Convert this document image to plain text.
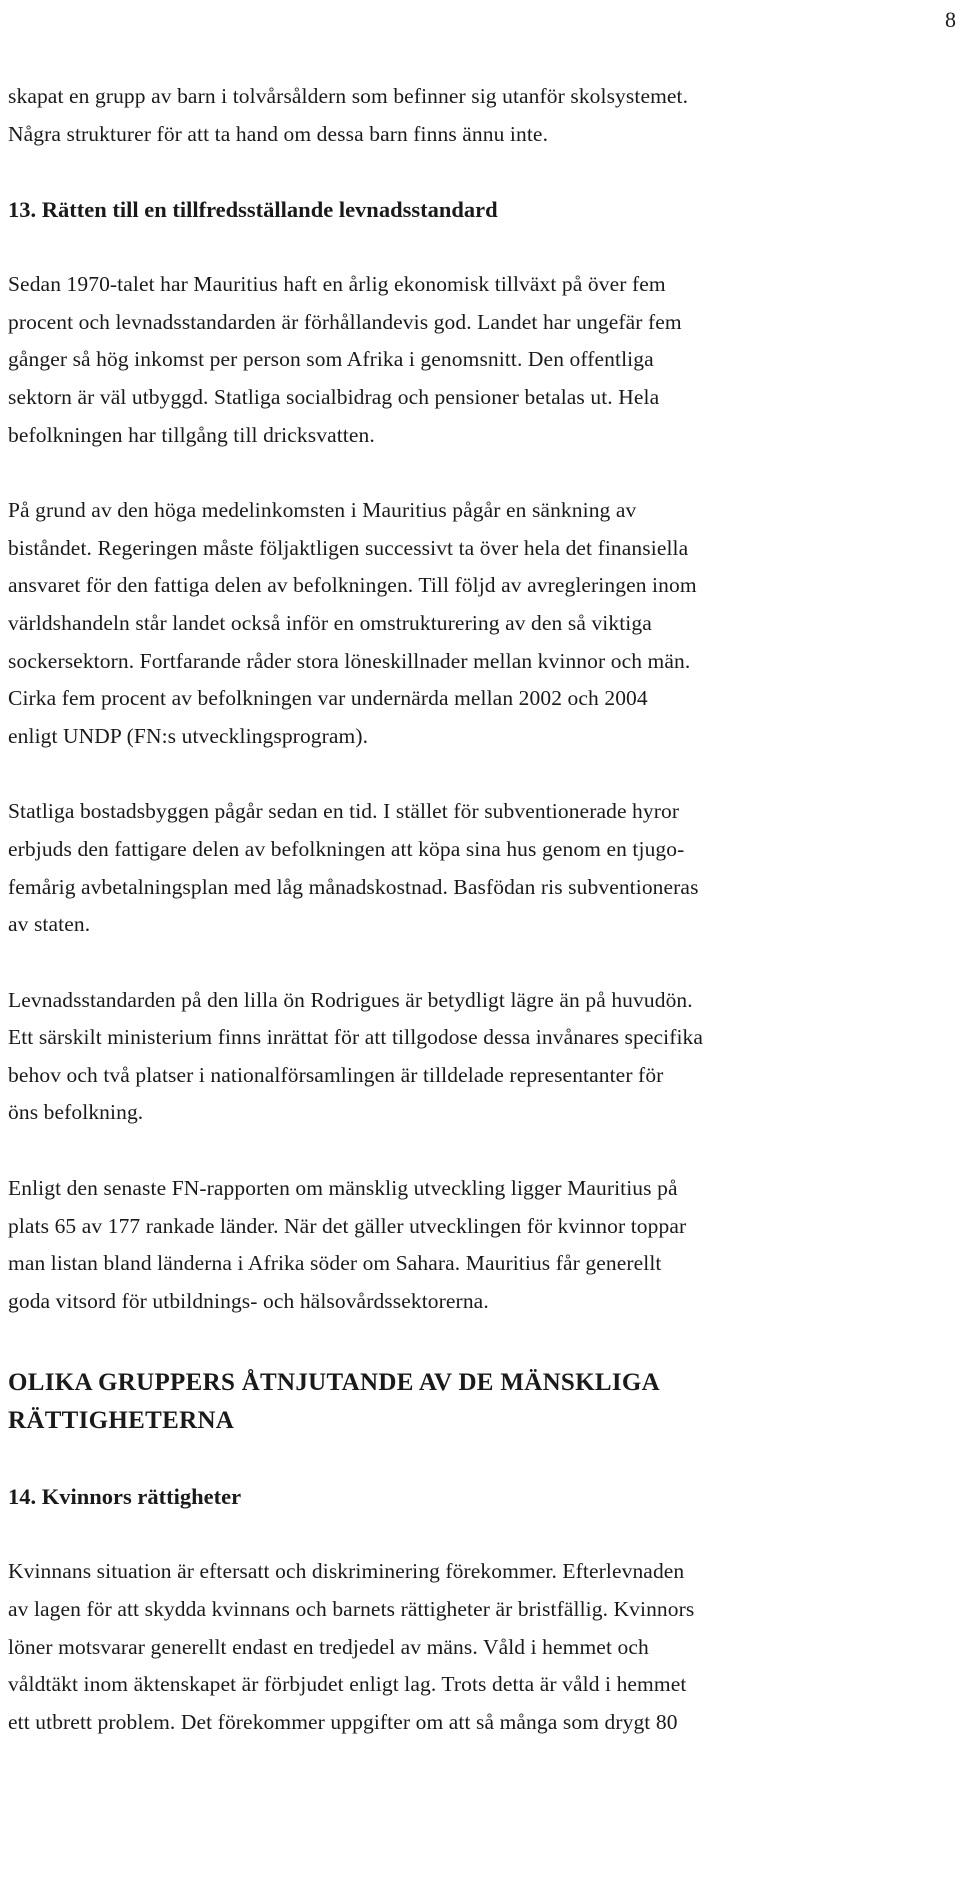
8

skapat en grupp av barn i tolvårsåldern som befinner sig utanför skolsystemet.
Några strukturer för att ta hand om dessa barn finns ännu inte.

13. Rätten till en tillfredsställande levnadsstandard

Sedan 1970-talet har Mauritius haft en årlig ekonomisk tillväxt på över fem
procent och levnadsstandarden är förhållandevis god. Landet har ungefär fem
gånger så hög inkomst per person som Afrika i genomsnitt. Den offentliga
sektorn är väl utbyggd. Statliga socialbidrag och pensioner betalas ut. Hela
befolkningen har tillgång till dricksvatten.

På grund av den höga medelinkomsten i Mauritius pågår en sänkning av
biståndet. Regeringen måste följaktligen successivt ta över hela det finansiella
ansvaret för den fattiga delen av befolkningen. Till följd av avregleringen inom
världshandeln står landet också inför en omstrukturering av den så viktiga
sockersektorn. Fortfarande råder stora löneskillnader mellan kvinnor och män.
Cirka fem procent av befolkningen var undernärda mellan 2002 och 2004
enligt UNDP (FN:s utvecklingsprogram).

Statliga bostadsbyggen pågår sedan en tid. I stället för subventionerade hyror
erbjuds den fattigare delen av befolkningen att köpa sina hus genom en tjugo-
femårig avbetalningsplan med låg månadskostnad. Basfödan ris subventioneras
av staten.

Levnadsstandarden på den lilla ön Rodrigues är betydligt lägre än på huvudön.
Ett särskilt ministerium finns inrättat för att tillgodose dessa invånares specifika
behov och två platser i nationalförsamlingen är tilldelade representanter för
öns befolkning.

Enligt den senaste FN-rapporten om mänsklig utveckling ligger Mauritius på
plats 65 av 177 rankade länder. När det gäller utvecklingen för kvinnor toppar
man listan bland länderna i Afrika söder om Sahara. Mauritius får generellt
goda vitsord för utbildnings- och hälsovårdssektorerna.

OLIKA GRUPPERS ÅTNJUTANDE AV DE MÄNSKLIGA
RÄTTIGHETERNA
14. Kvinnors rättigheter

Kvinnans situation är eftersatt och diskriminering förekommer. Efterlevnaden
av lagen för att skydda kvinnans och barnets rättigheter är bristfällig. Kvinnors
löner motsvarar generellt endast en tredjedel av mäns. Våld i hemmet och
våldtäkt inom äktenskapet är förbjudet enligt lag. Trots detta är våld i hemmet
ett utbrett problem. Det förekommer uppgifter om att så många som drygt 80
